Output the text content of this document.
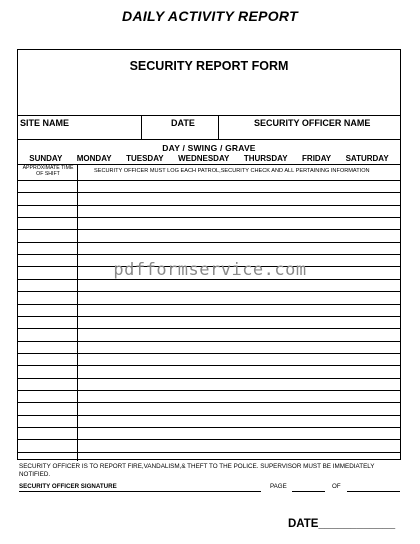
DAILY ACTIVITY REPORT
SECURITY REPORT FORM
SITE NAME	DATE	SECURITY OFFICER NAME
DAY / SWING / GRAVE
SUNDAY MONDAY TUESDAY WEDNESDAY THURSDAY FRIDAY SATURDAY
APPROXIMATE TIME OF SHIFT	SECURITY OFFICER MUST LOG EACH PATROL,SECURITY CHECK AND ALL PERTAINING INFORMATION
pdfformservice.com
SECURITY OFFICER IS TO REPORT FIRE,VANDALISM,& THEFT TO THE POLICE. SUPERVISOR MUST BE IMMEDIATELY NOTIFIED.
SECURITY OFFICER SIGNATURE	PAGE	OF
DATE____________
